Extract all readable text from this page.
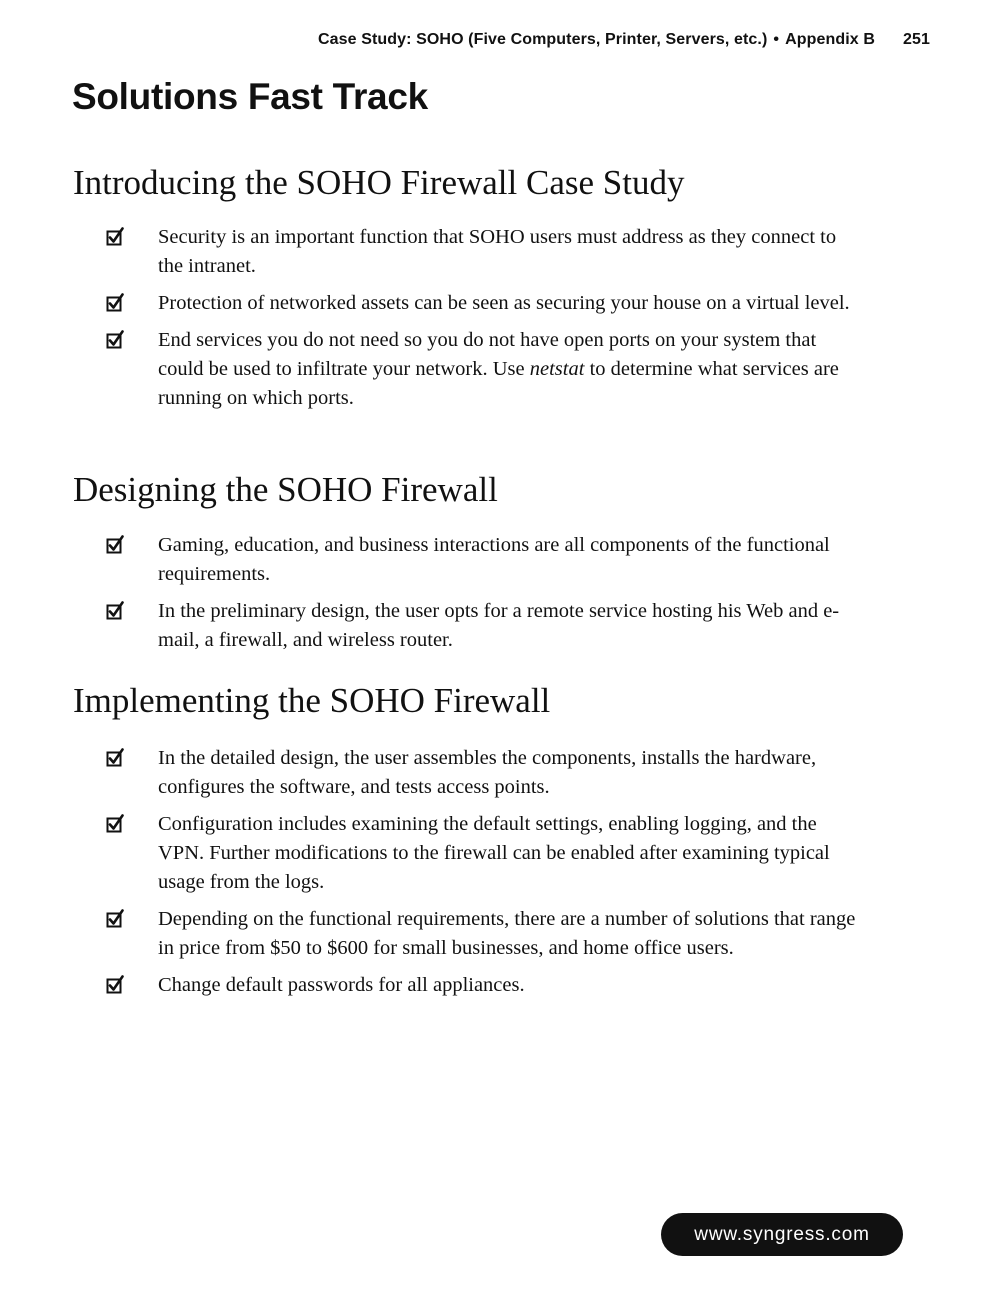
Case Study: SOHO (Five Computers, Printer, Servers, etc.) • Appendix B 251
Solutions Fast Track
Introducing the SOHO Firewall Case Study
Security is an important function that SOHO users must address as they connect to the intranet.
Protection of networked assets can be seen as securing your house on a virtual level.
End services you do not need so you do not have open ports on your system that could be used to infiltrate your network. Use netstat to determine what services are running on which ports.
Designing the SOHO Firewall
Gaming, education, and business interactions are all components of the functional requirements.
In the preliminary design, the user opts for a remote service hosting his Web and e-mail, a firewall, and wireless router.
Implementing the SOHO Firewall
In the detailed design, the user assembles the components, installs the hardware, configures the software, and tests access points.
Configuration includes examining the default settings, enabling logging, and the VPN. Further modifications to the firewall can be enabled after examining typical usage from the logs.
Depending on the functional requirements, there are a number of solutions that range in price from $50 to $600 for small businesses, and home office users.
Change default passwords for all appliances.
www.syngress.com
